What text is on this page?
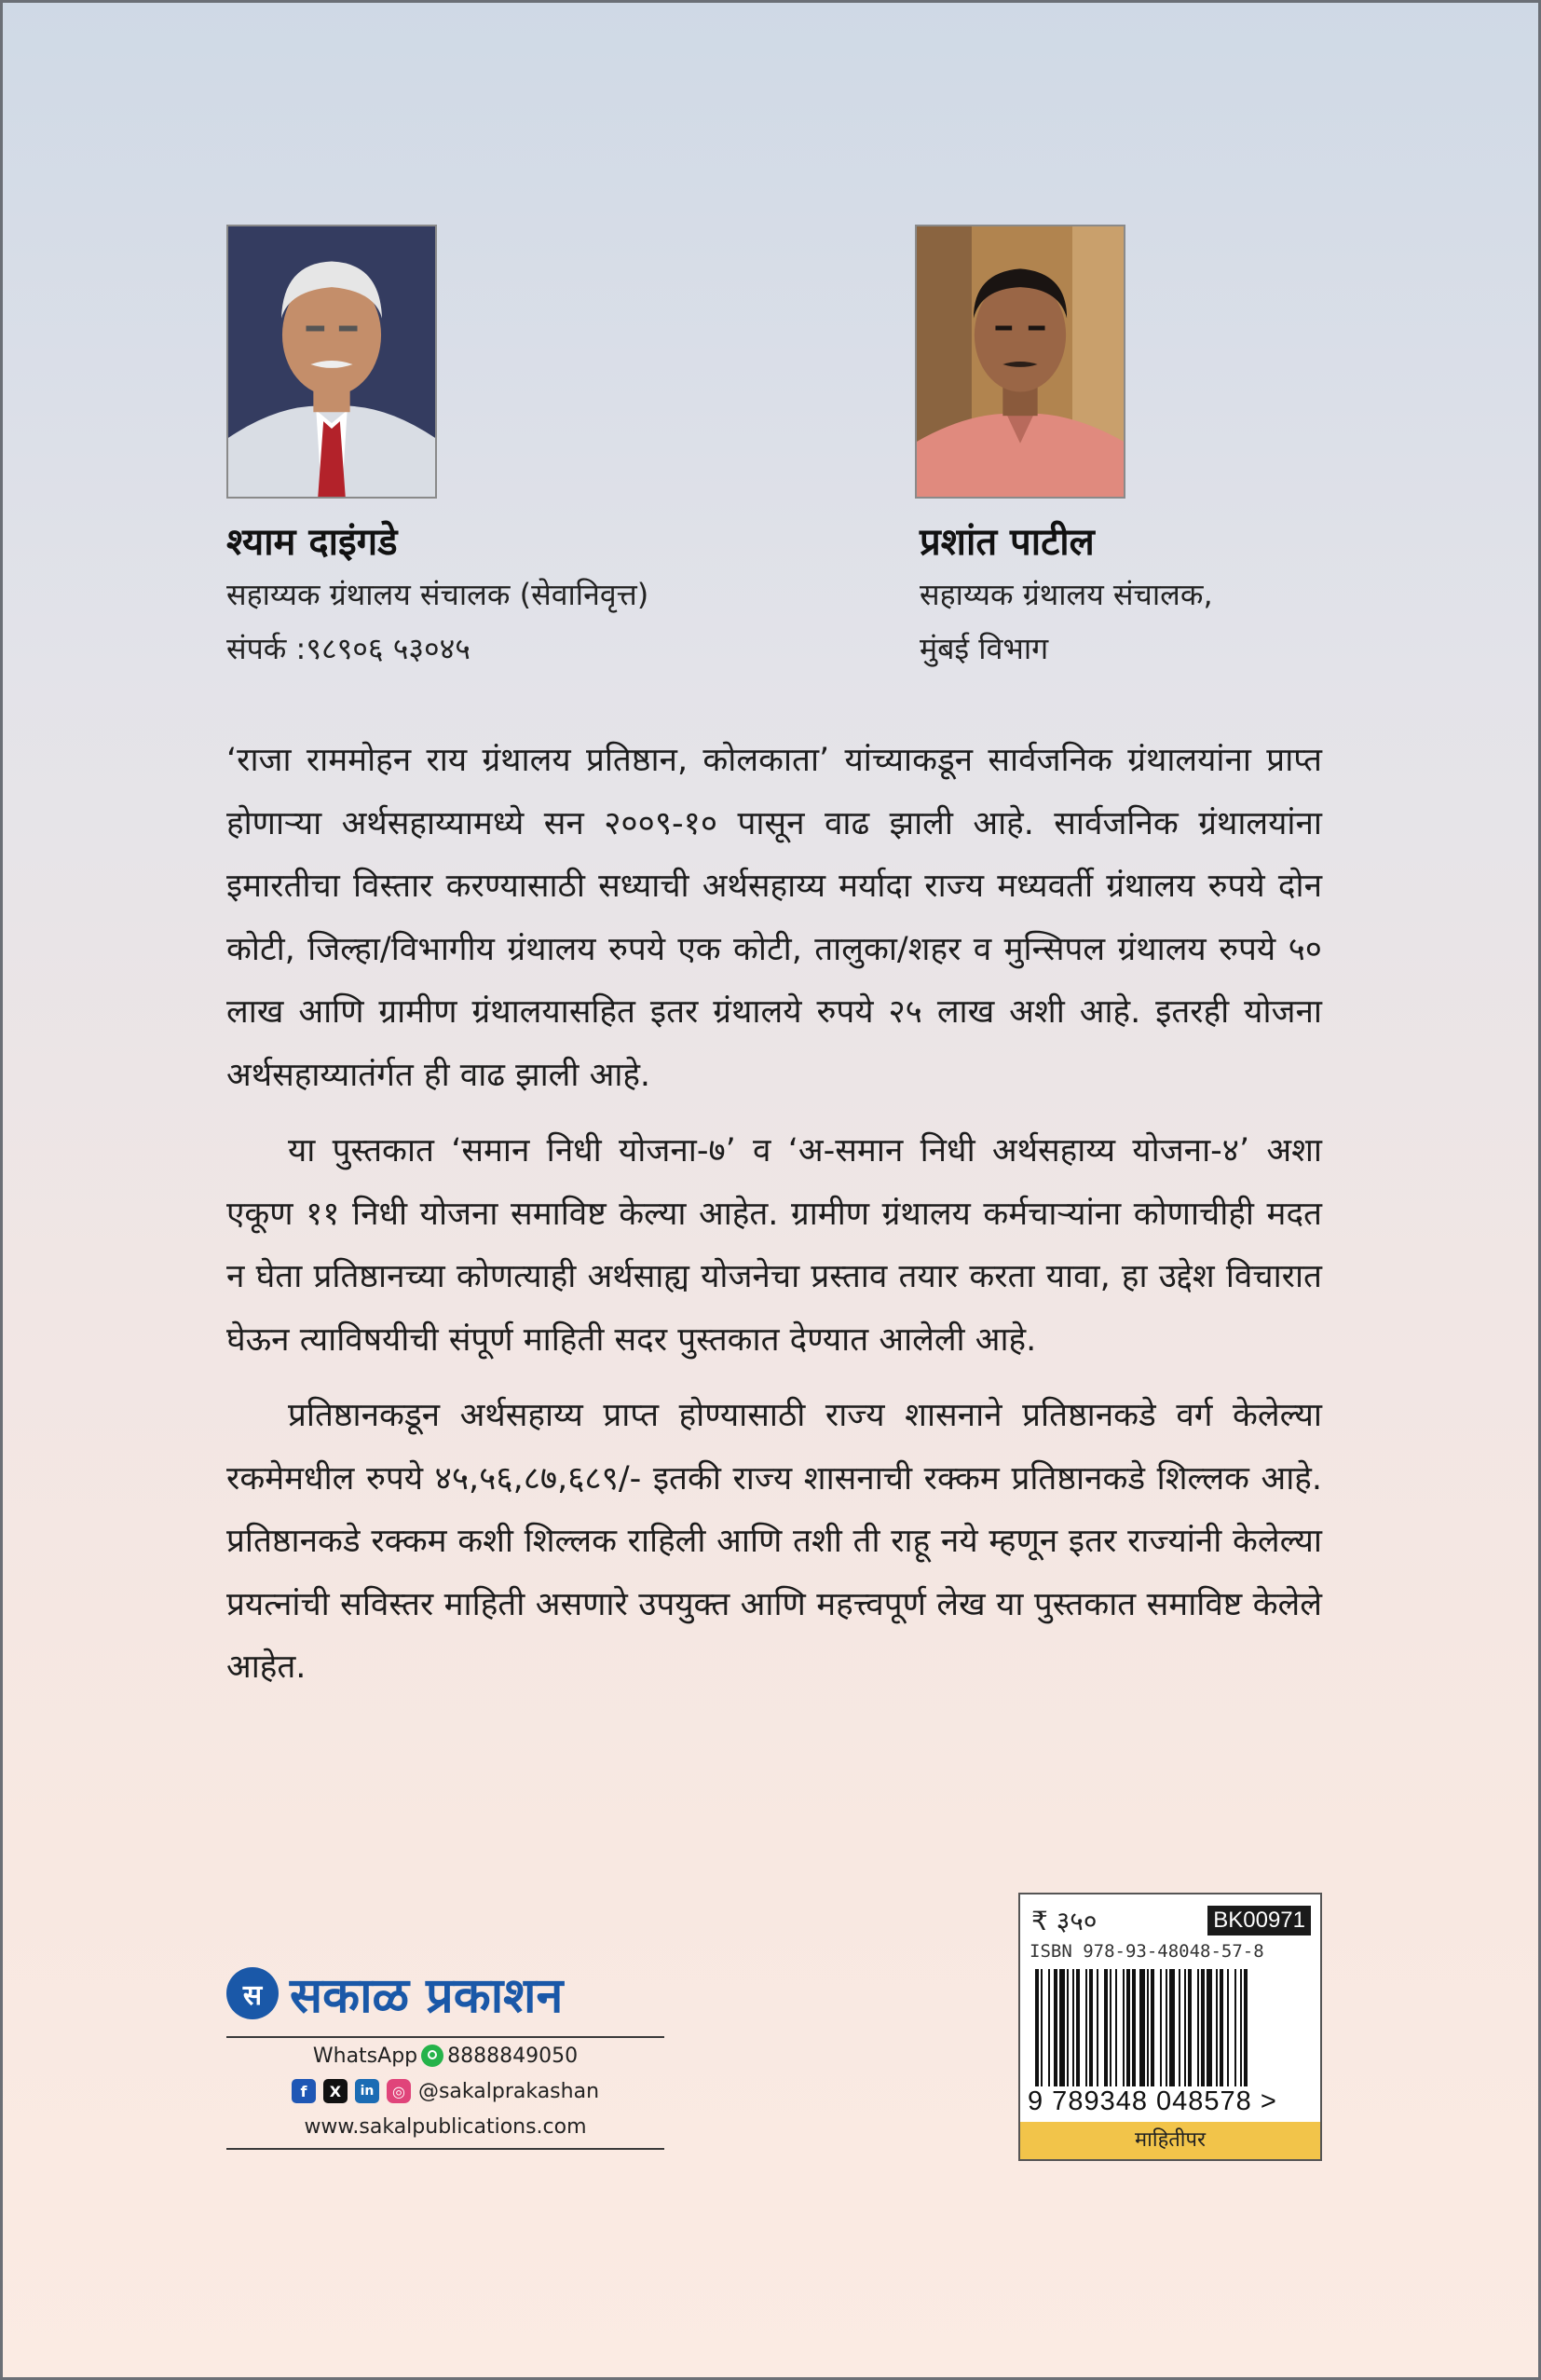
श्याम दाइंगडे
सहाय्यक ग्रंथालय संचालक (सेवानिवृत्त)
संपर्क :९८९०६ ५३०४५
प्रशांत पाटील
सहाय्यक ग्रंथालय संचालक,
मुंबई विभाग

‘राजा राममोहन राय ग्रंथालय प्रतिष्ठान, कोलकाता’ यांच्याकडून सार्वजनिक ग्रंथालयांना प्राप्त होणाऱ्या अर्थसहाय्यामध्ये सन २००९-१० पासून वाढ झाली आहे. सार्वजनिक ग्रंथालयांना इमारतीचा विस्तार करण्यासाठी सध्याची अर्थसहाय्य मर्यादा राज्य मध्यवर्ती ग्रंथालय रुपये दोन कोटी, जिल्हा/विभागीय ग्रंथालय रुपये एक कोटी, तालुका/शहर व मुन्सिपल ग्रंथालय रुपये ५० लाख आणि ग्रामीण ग्रंथालयासहित इतर ग्रंथालये रुपये २५ लाख अशी आहे. इतरही योजना अर्थसहाय्यातंर्गत ही वाढ झाली आहे.

या पुस्तकात ‘समान निधी योजना-७’ व ‘अ-समान निधी अर्थसहाय्य योजना-४’ अशा एकूण ११ निधी योजना समाविष्ट केल्या आहेत. ग्रामीण ग्रंथालय कर्मचाऱ्यांना कोणाचीही मदत न घेता प्रतिष्ठानच्या कोणत्याही अर्थसाह्य योजनेचा प्रस्ताव तयार करता यावा, हा उद्देश विचारात घेऊन त्याविषयीची संपूर्ण माहिती सदर पुस्तकात देण्यात आलेली आहे.

प्रतिष्ठानकडून अर्थसहाय्य प्राप्त होण्यासाठी राज्य शासनाने प्रतिष्ठानकडे वर्ग केलेल्या रकमेमधील रुपये ४५,५६,८७,६८९/- इतकी राज्य शासनाची रक्कम प्रतिष्ठानकडे शिल्लक आहे. प्रतिष्ठानकडे रक्कम कशी शिल्लक राहिली आणि तशी ती राहू नये म्हणून इतर राज्यांनी केलेल्या प्रयत्नांची सविस्तर माहिती असणारे उपयुक्त आणि महत्त्वपूर्ण लेख या पुस्तकात समाविष्ट केलेले आहेत.

स सकाळ प्रकाशन
WhatsApp 8888849050
f	X	in	◎ @sakalprakashan
www.sakalpublications.com
₹ ३५०	BK00971
ISBN 978-93-48048-57-8
9 789348 048578 >
माहितीपर
